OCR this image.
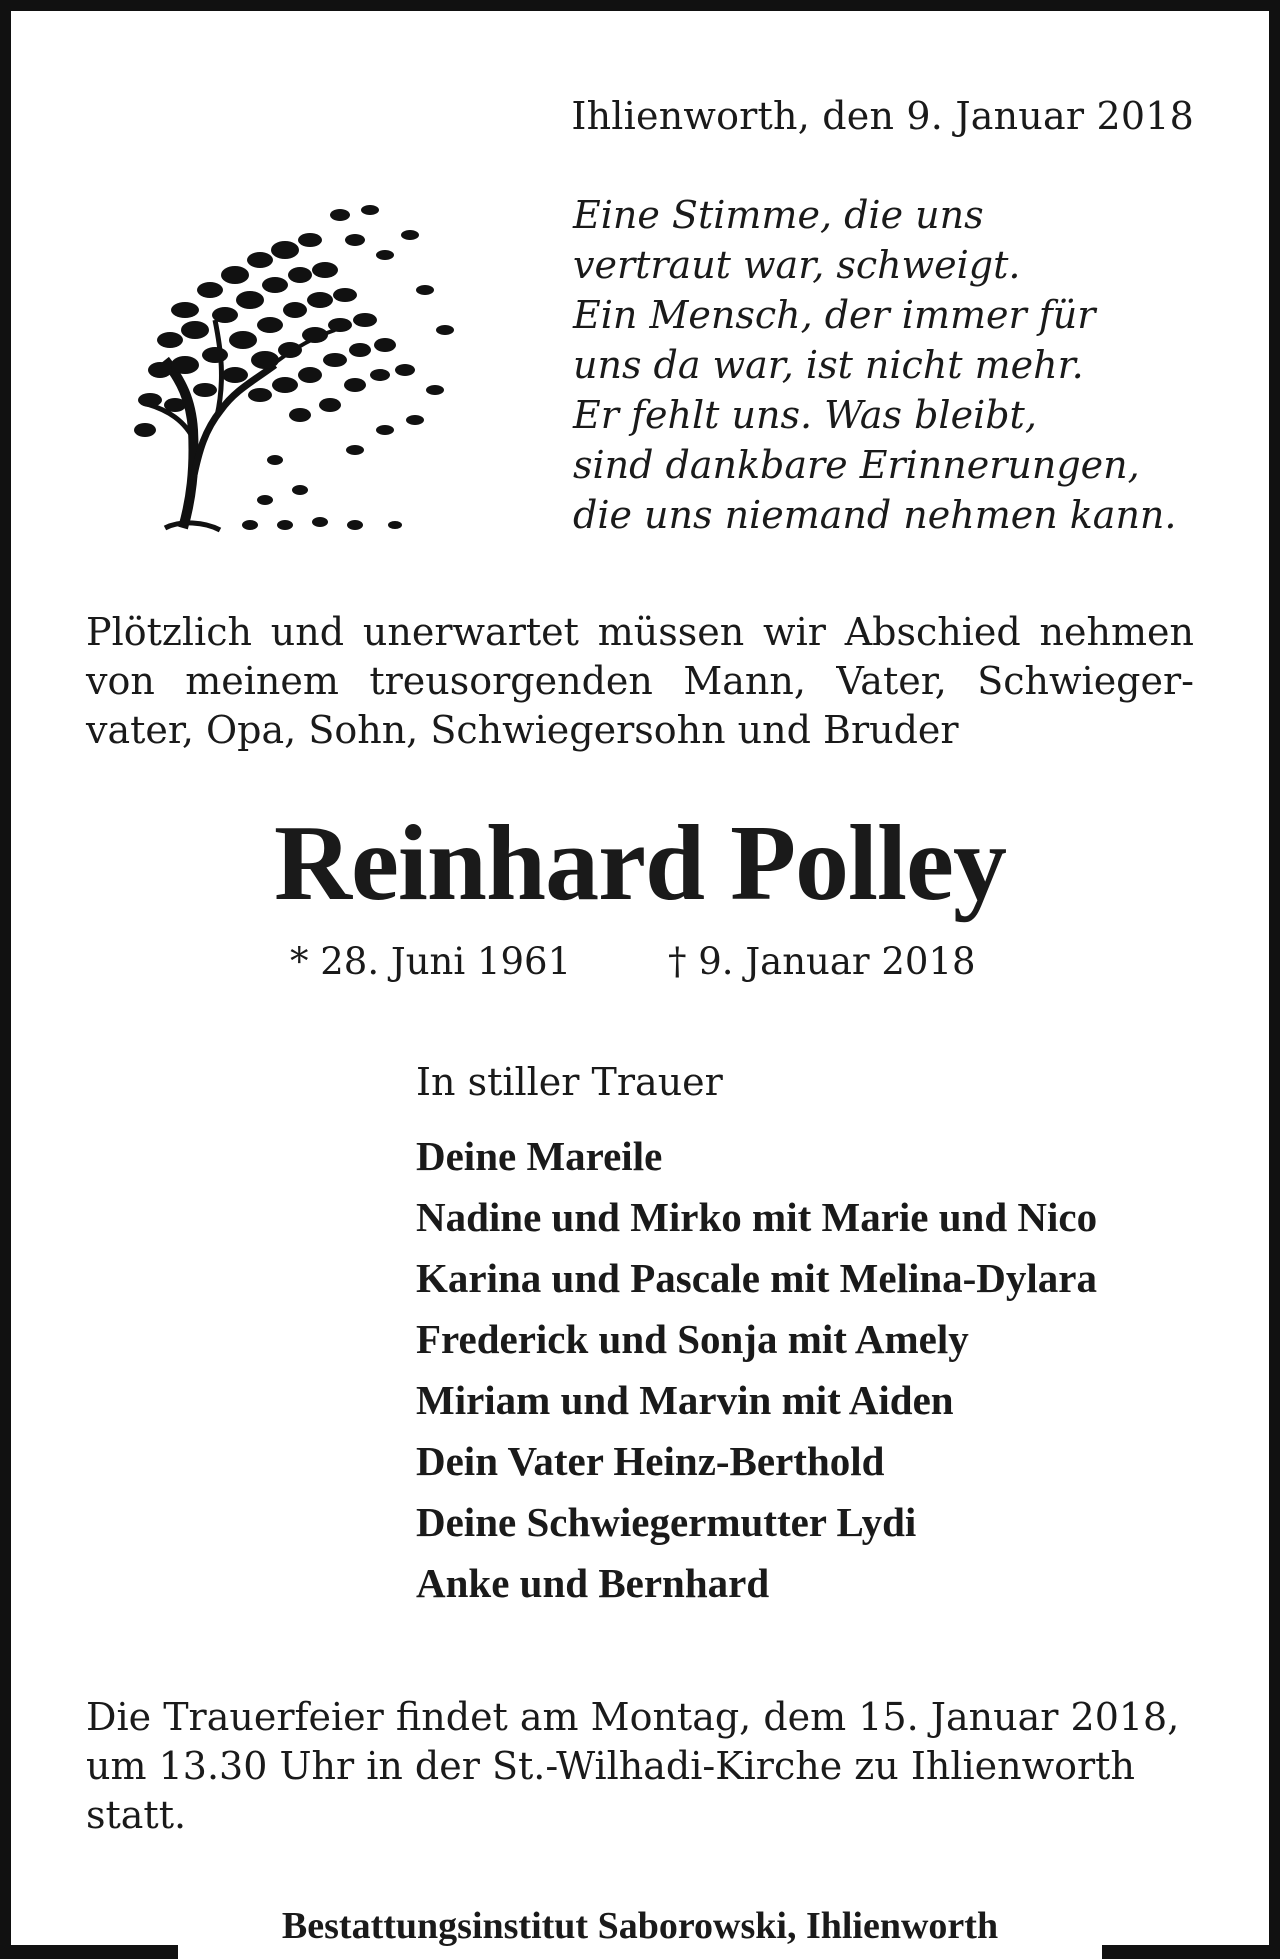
Ihlienworth, den 9. Januar 2018
Eine Stimme, die uns
vertraut war, schweigt.
Ein Mensch, der immer für
uns da war, ist nicht mehr.
Er fehlt uns. Was bleibt,
sind dankbare Erinnerungen,
die uns niemand nehmen kann.
Plötzlich und unerwartet müssen wir Abschied nehmen
von meinem treusorgenden Mann, Vater, Schwieger-
vater, Opa, Sohn, Schwiegersohn und Bruder
Reinhard Polley
* 28. Juni 1961	† 9. Januar 2018
In stiller Trauer
Deine Mareile
Nadine und Mirko mit Marie und Nico
Karina und Pascale mit Melina-Dylara
Frederick und Sonja mit Amely
Miriam und Marvin mit Aiden
Dein Vater Heinz-Berthold
Deine Schwiegermutter Lydi
Anke und Bernhard
Die Trauerfeier findet am Montag, dem 15. Januar 2018,
um 13.30 Uhr in der St.-Wilhadi-Kirche zu Ihlienworth
statt.
Bestattungsinstitut Saborowski, Ihlienworth
